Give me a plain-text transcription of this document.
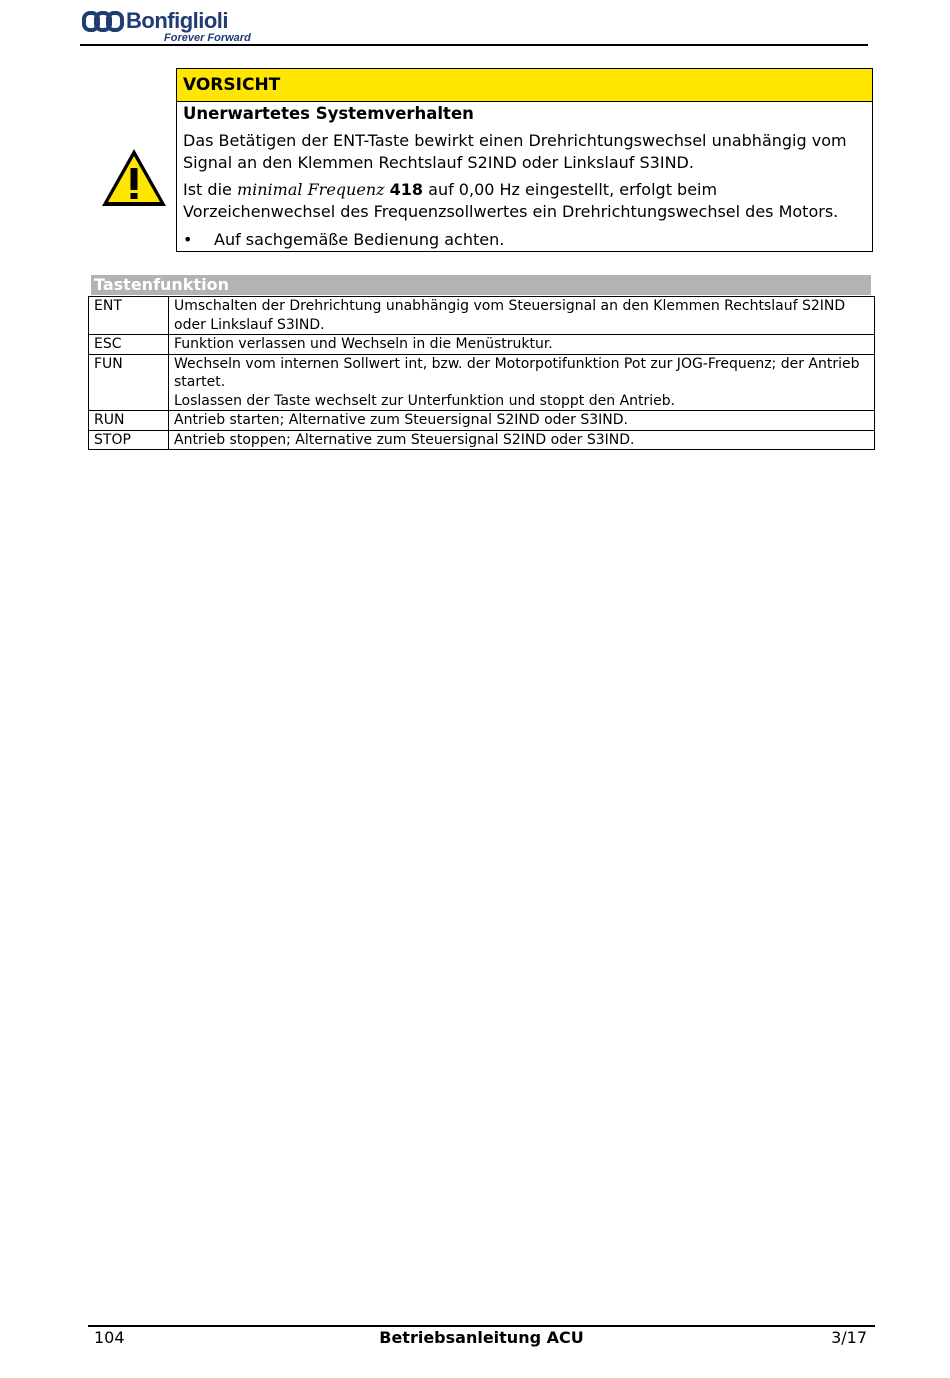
Bonfiglioli
Forever Forward
VORSICHT
Unerwartetes Systemverhalten
Das Betätigen der ENT-Taste bewirkt einen Drehrichtungswechsel unabhängig vom Signal an den Klemmen Rechtslauf S2IND oder Linkslauf S3IND.
Ist die minimal Frequenz 418 auf 0,00 Hz eingestellt, erfolgt beim Vorzeichenwechsel des Frequenzsollwertes ein Drehrichtungswechsel des Motors.
• Auf sachgemäße Bedienung achten.
Tastenfunktion
ENT	Umschalten der Drehrichtung unabhängig vom Steuersignal an den Klemmen Rechtslauf S2IND oder Linkslauf S3IND.

ESC	Funktion verlassen und Wechseln in die Menüstruktur.

FUN	Wechseln vom internen Sollwert int, bzw. der Motorpotifunktion Pot zur JOG-Frequenz; der Antrieb startet.
Loslassen der Taste wechselt zur Unterfunktion und stoppt den Antrieb.

RUN	Antrieb starten; Alternative zum Steuersignal S2IND oder S3IND.

STOP	Antrieb stoppen; Alternative zum Steuersignal S2IND oder S3IND.
Betriebsanleitung ACU
104	3/17
